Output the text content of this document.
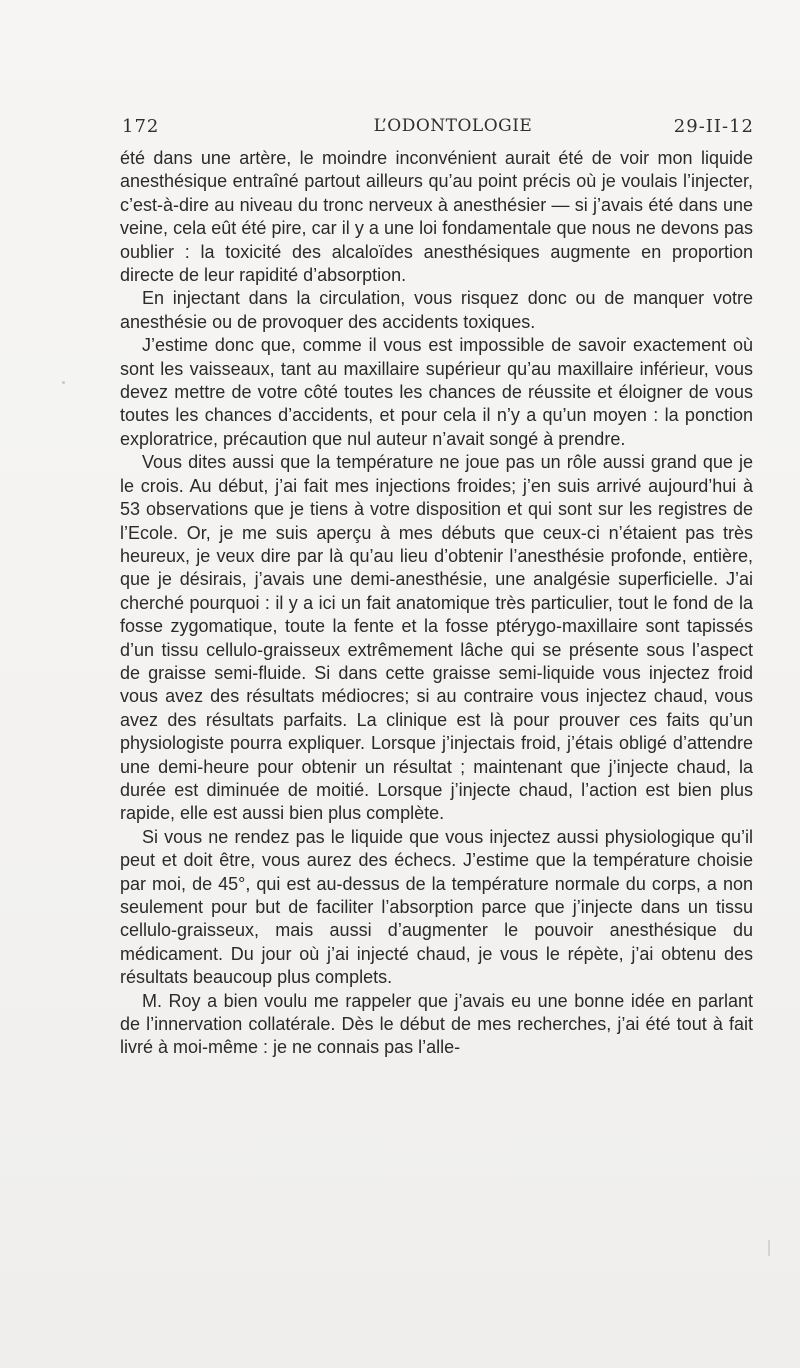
172	L’ODONTOLOGIE	29-II-12

été dans une artère, le moindre inconvénient aurait été de voir mon liquide anesthésique entraîné partout ailleurs qu’au point précis où je voulais l’injecter, c’est-à-dire au niveau du tronc nerveux à anesthésier — si j’avais été dans une veine, cela eût été pire, car il y a une loi fondamentale que nous ne devons pas oublier : la toxicité des alcaloïdes anesthésiques augmente en proportion directe de leur rapidité d’absorption.

En injectant dans la circulation, vous risquez donc ou de manquer votre anesthésie ou de provoquer des accidents toxiques.

J’estime donc que, comme il vous est impossible de savoir exactement où sont les vaisseaux, tant au maxillaire supérieur qu’au maxillaire inférieur, vous devez mettre de votre côté toutes les chances de réussite et éloigner de vous toutes les chances d’accidents, et pour cela il n’y a qu’un moyen : la ponction exploratrice, précaution que nul auteur n’avait songé à prendre.

Vous dites aussi que la température ne joue pas un rôle aussi grand que je le crois. Au début, j’ai fait mes injections froides; j’en suis arrivé aujourd’hui à 53 observations que je tiens à votre disposition et qui sont sur les registres de l’Ecole. Or, je me suis aperçu à mes débuts que ceux-ci n’étaient pas très heureux, je veux dire par là qu’au lieu d’obtenir l’anesthésie profonde, entière, que je désirais, j’avais une demi-anesthésie, une analgésie superficielle. J’ai cherché pourquoi : il y a ici un fait anatomique très particulier, tout le fond de la fosse zygomatique, toute la fente et la fosse ptérygo-maxillaire sont tapissés d’un tissu cellulo-graisseux extrêmement lâche qui se présente sous l’aspect de graisse semi-fluide. Si dans cette graisse semi-liquide vous injectez froid vous avez des résultats médiocres; si au contraire vous injectez chaud, vous avez des résultats parfaits. La clinique est là pour prouver ces faits qu’un physiologiste pourra expliquer. Lorsque j’injectais froid, j’étais obligé d’attendre une demi-heure pour obtenir un résultat ; maintenant que j’injecte chaud, la durée est diminuée de moitié. Lorsque j’injecte chaud, l’action est bien plus rapide, elle est aussi bien plus complète.

Si vous ne rendez pas le liquide que vous injectez aussi physiologique qu’il peut et doit être, vous aurez des échecs. J’estime que la température choisie par moi, de 45°, qui est au-dessus de la température normale du corps, a non seulement pour but de faciliter l’absorption parce que j’injecte dans un tissu cellulo-graisseux, mais aussi d’augmenter le pouvoir anesthésique du médicament. Du jour où j’ai injecté chaud, je vous le répète, j’ai obtenu des résultats beaucoup plus complets.

M. Roy a bien voulu me rappeler que j’avais eu une bonne idée en parlant de l’innervation collatérale. Dès le début de mes recherches, j’ai été tout à fait livré à moi-même : je ne connais pas l’alle-
